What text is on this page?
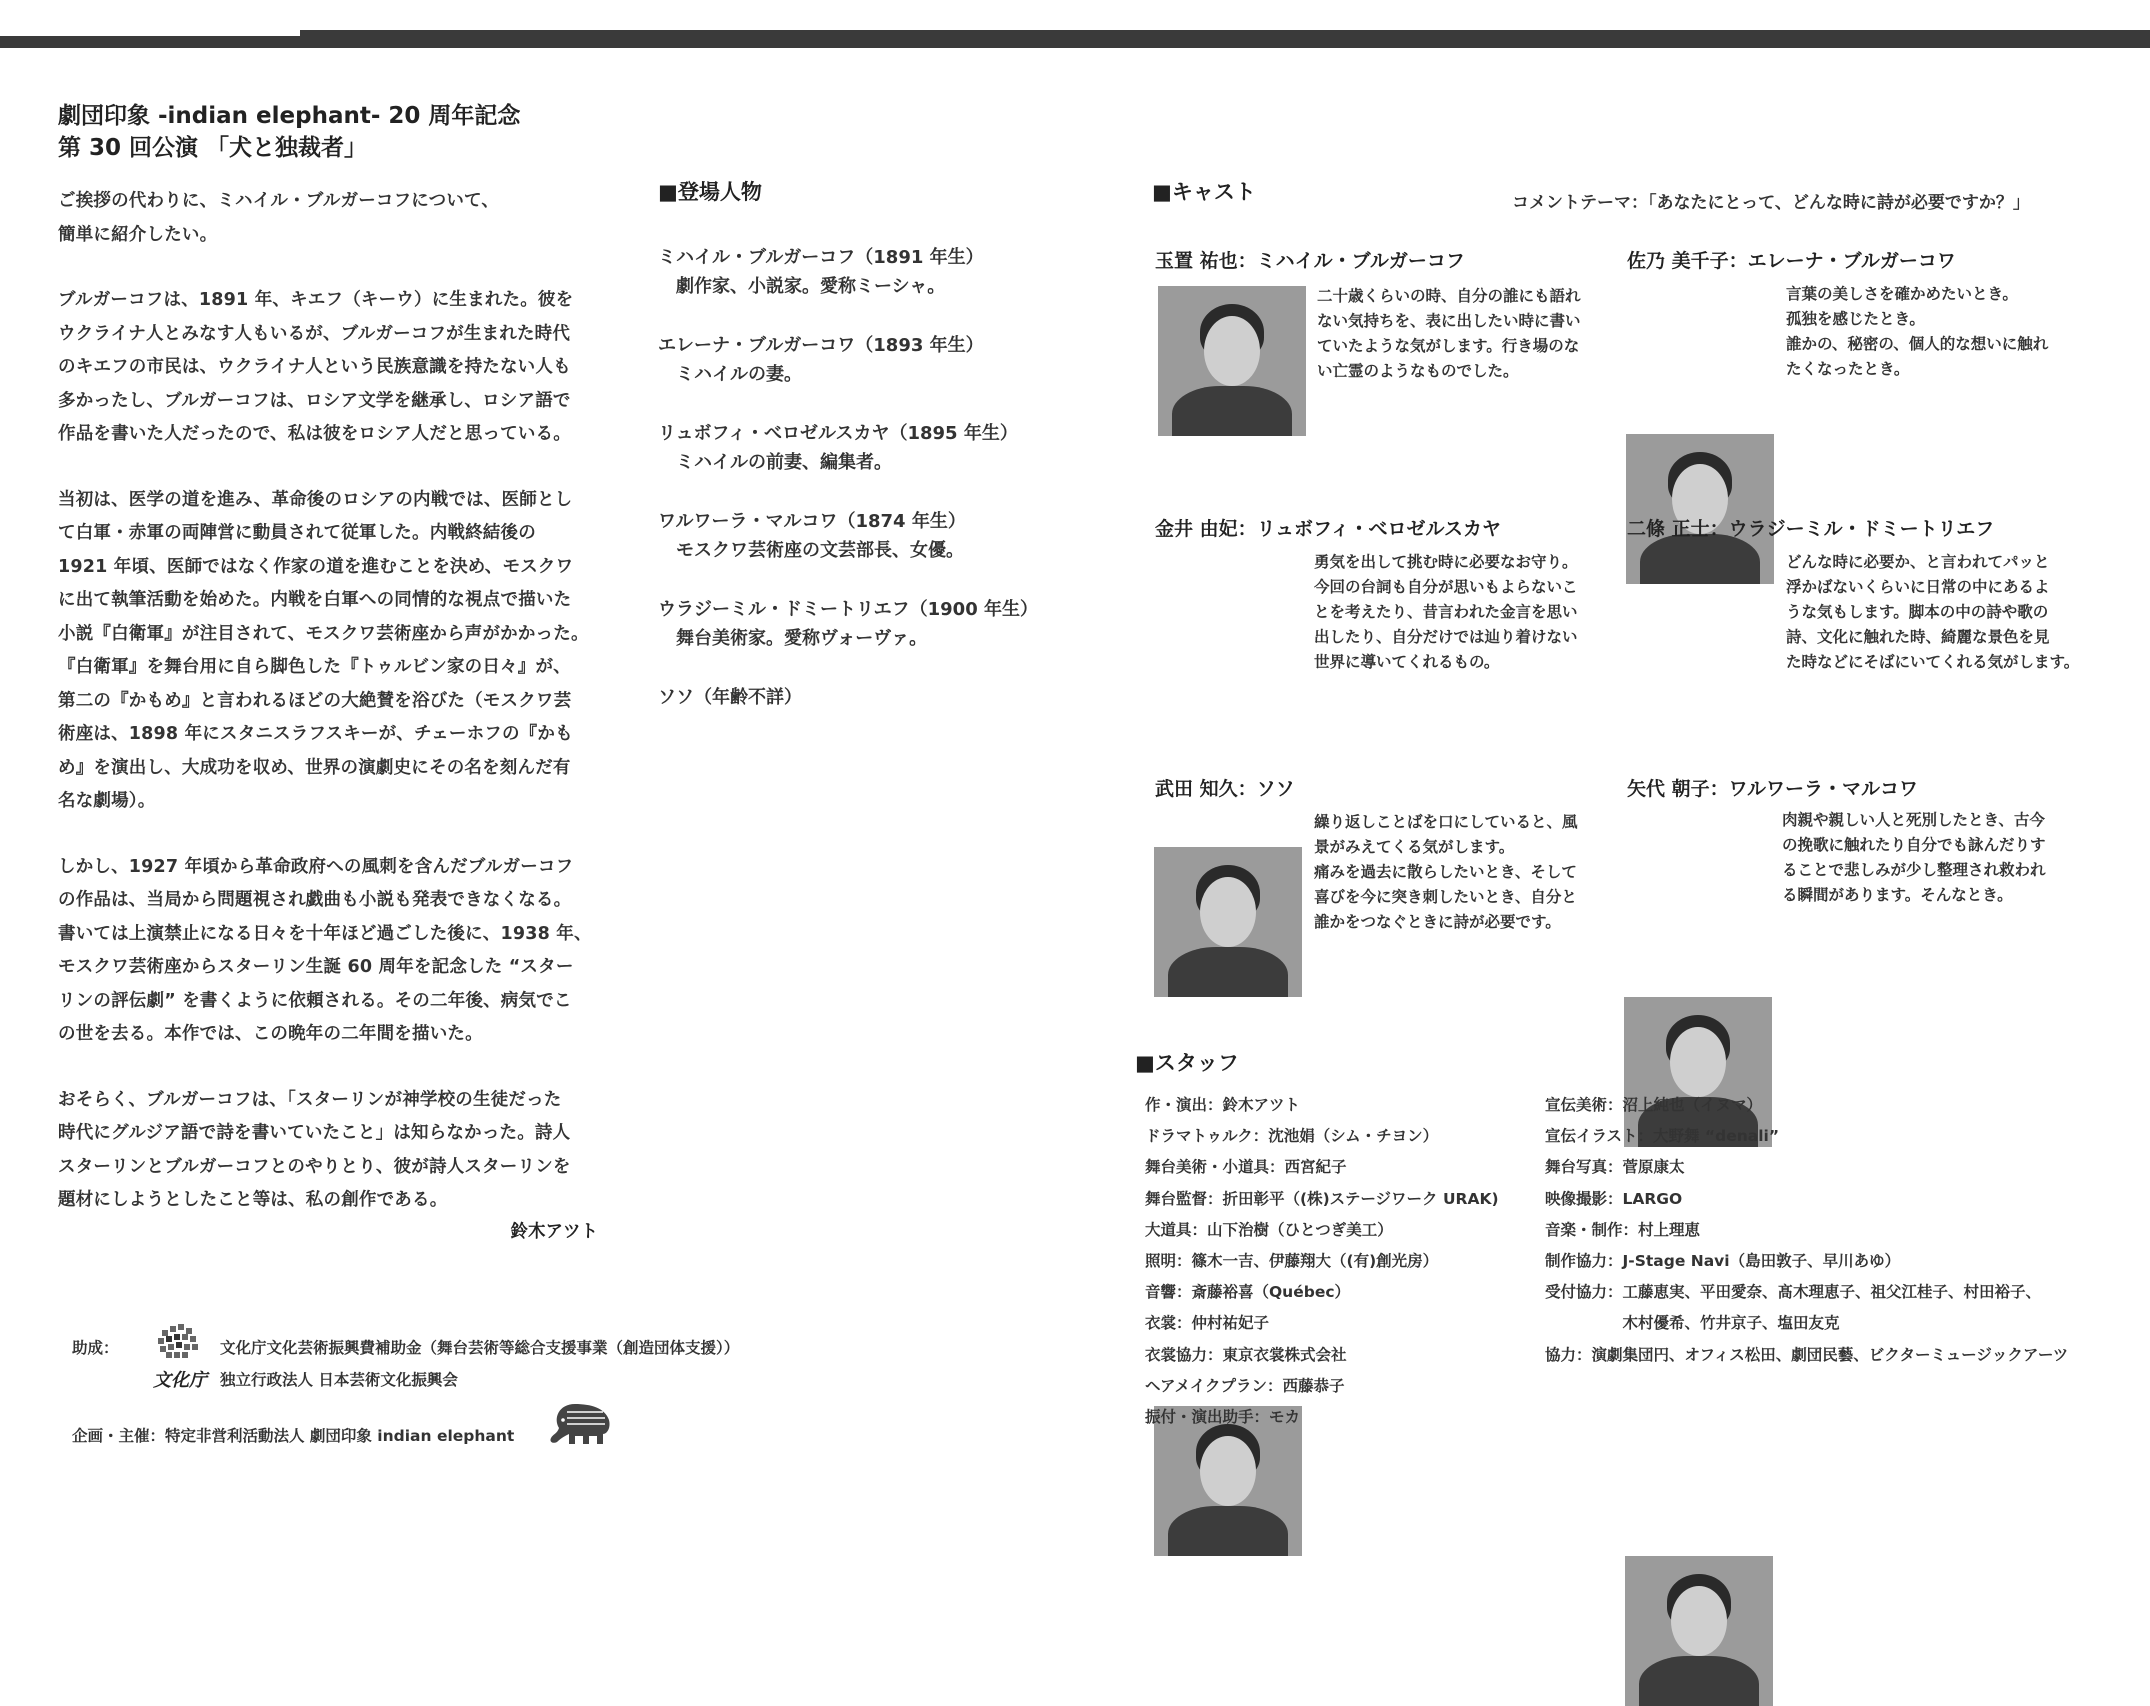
劇団印象 -indian elephant- 20 周年記念
第 30 回公演 「犬と独裁者」

ご挨拶の代わりに、ミハイル・ブルガーコフについて、
簡単に紹介したい。

ブルガーコフは、1891 年、キエフ（キーウ）に生まれた。彼を
ウクライナ人とみなす人もいるが、ブルガーコフが生まれた時代
のキエフの市民は、ウクライナ人という民族意識を持たない人も
多かったし、ブルガーコフは、ロシア文学を継承し、ロシア語で
作品を書いた人だったので、私は彼をロシア人だと思っている。

当初は、医学の道を進み、革命後のロシアの内戦では、医師とし
て白軍・赤軍の両陣営に動員されて従軍した。内戦終結後の
1921 年頃、医師ではなく作家の道を進むことを決め、モスクワ
に出て執筆活動を始めた。内戦を白軍への同情的な視点で描いた
小説『白衛軍』が注目されて、モスクワ芸術座から声がかかった。
『白衛軍』を舞台用に自ら脚色した『トゥルビン家の日々』が、
第二の『かもめ』と言われるほどの大絶賛を浴びた（モスクワ芸
術座は、1898 年にスタニスラフスキーが、チェーホフの『かも
め』を演出し、大成功を収め、世界の演劇史にその名を刻んだ有
名な劇場）。

しかし、1927 年頃から革命政府への風刺を含んだブルガーコフ
の作品は、当局から問題視され戯曲も小説も発表できなくなる。
書いては上演禁止になる日々を十年ほど過ごした後に、1938 年、
モスクワ芸術座からスターリン生誕 60 周年を記念した “スター
リンの評伝劇” を書くように依頼される。その二年後、病気でこ
の世を去る。本作では、この晩年の二年間を描いた。

おそらく、ブルガーコフは、「スターリンが神学校の生徒だった
時代にグルジア語で詩を書いていたこと」は知らなかった。詩人
スターリンとブルガーコフとのやりとり、彼が詩人スターリンを
題材にしようとしたこと等は、私の創作である。

鈴木アツト
■登場人物
ミハイル・ブルガーコフ（1891 年生）
劇作家、小説家。愛称ミーシャ。
エレーナ・ブルガーコワ（1893 年生）
ミハイルの妻。
リュボフィ・べロゼルスカヤ（1895 年生）
ミハイルの前妻、編集者。
ワルワーラ・マルコワ（1874 年生）
モスクワ芸術座の文芸部長、女優。
ウラジーミル・ドミートリエフ（1900 年生）
舞台美術家。愛称ヴォーヴァ。
ソソ（年齢不詳）
■キャスト	コメントテーマ：「あなたにとって、どんな時に詩が必要ですか？」
玉置 祐也：ミハイル・ブルガーコフ
二十歳くらいの時、自分の誰にも語れ
ない気持ちを、表に出したい時に書い
ていたような気がします。行き場のな
い亡霊のようなものでした。
佐乃 美千子：エレーナ・ブルガーコワ
言葉の美しさを確かめたいとき。
孤独を感じたとき。
誰かの、秘密の、個人的な想いに触れ
たくなったとき。
金井 由妃：リュボフィ・べロゼルスカヤ
勇気を出して挑む時に必要なお守り。
今回の台詞も自分が思いもよらないこ
とを考えたり、昔言われた金言を思い
出したり、自分だけでは辿り着けない
世界に導いてくれるもの。
二條 正士：ウラジーミル・ドミートリエフ
どんな時に必要か、と言われてパッと
浮かばないくらいに日常の中にあるよ
うな気もします。脚本の中の詩や歌の
詩、文化に触れた時、綺麗な景色を見
た時などにそばにいてくれる気がします。
武田 知久：ソソ
繰り返しことばを口にしていると、風
景がみえてくる気がします。
痛みを過去に散らしたいとき、そして
喜びを今に突き刺したいとき、自分と
誰かをつなぐときに詩が必要です。
矢代 朝子：ワルワーラ・マルコワ
肉親や親しい人と死別したとき、古今
の挽歌に触れたり自分でも詠んだりす
ることで悲しみが少し整理され救われ
る瞬間があります。そんなとき。
■スタッフ
作・演出：鈴木アツト
ドラマトゥルク：沈池娟（シム・チヨン）
舞台美術・小道具：西宮紀子
舞台監督：折田彰平（(株)ステージワーク URAK)
大道具：山下治樹（ひとつぎ美工）
照明：篠木一吉、伊藤翔大（(有)創光房）
音響：斎藤裕喜（Québec）
衣裳：仲村祐妃子
衣裳協力：東京衣裳株式会社
ヘアメイクプラン：西藤恭子
振付・演出助手：モカ
宣伝美術：沼上純也（イヌマ）
宣伝イラスト：大野舞 “denali”
舞台写真：菅原康太
映像撮影：LARGO
音楽・制作：村上理恵
制作協力：J-Stage Navi（島田敦子、早川あゆ）
受付協力：工藤恵実、平田愛奈、髙木理恵子、祖父江桂子、村田裕子、
　　　　　木村優希、竹井京子、塩田友克
協力：演劇集団円、オフィス松田、劇団民藝、ビクターミュージックアーツ
助成：
文化庁
文化庁文化芸術振興費補助金（舞台芸術等総合支援事業（創造団体支援））
独立行政法人 日本芸術文化振興会
企画・主催：特定非営利活動法人 劇団印象 indian elephant
